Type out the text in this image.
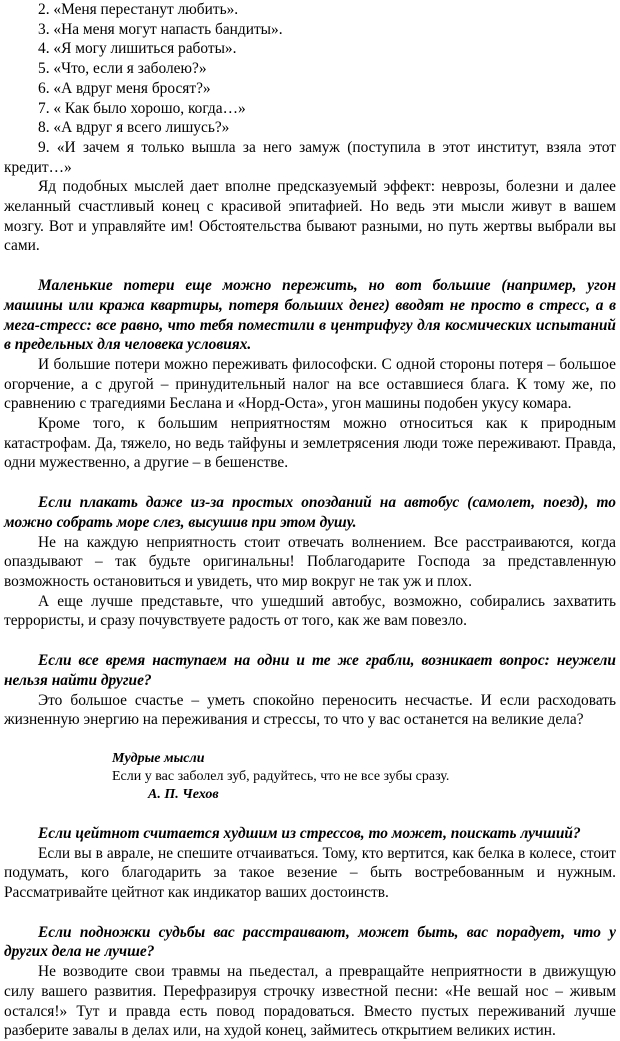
2. «Меня перестанут любить».

3. «На меня могут напасть бандиты».

4. «Я могу лишиться работы».

5. «Что, если я заболею?»

6. «А вдруг меня бросят?»

7. « Как было хорошо, когда…»

8. «А вдруг я всего лишусь?»

9. «И зачем я только вышла за него замуж (поступила в этот институт, взяла этот кредит…»

Яд подобных мыслей дает вполне предсказуемый эффект: неврозы, болезни и далее желанный счастливый конец с красивой эпитафией. Но ведь эти мысли живут в вашем мозгу. Вот и управляйте им! Обстоятельства бывают разными, но путь жертвы выбрали вы сами.

Маленькие потери еще можно пережить, но вот большие (например, угон машины или кража квартиры, потеря больших денег) вводят не просто в стресс, а в мега-стресс: все равно, что тебя поместили в центрифугу для космических испытаний в предельных для человека условиях.

И большие потери можно переживать философски. С одной стороны потеря – большое огорчение, а с другой – принудительный налог на все оставшиеся блага. К тому же, по сравнению с трагедиями Беслана и «Норд-Оста», угон машины подобен укусу комара.

Кроме того, к большим неприятностям можно относиться как к природным катастрофам. Да, тяжело, но ведь тайфуны и землетрясения люди тоже переживают. Правда, одни мужественно, а другие – в бешенстве.

Если плакать даже из-за простых опозданий на автобус (самолет, поезд), то можно собрать море слез, высушив при этом душу.

Не на каждую неприятность стоит отвечать волнением. Все расстраиваются, когда опаздывают – так будьте оригинальны! Поблагодарите Господа за представленную возможность остановиться и увидеть, что мир вокруг не так уж и плох.

А еще лучше представьте, что ушедший автобус, возможно, собирались захватить террористы, и сразу почувствуете радость от того, как же вам повезло.

Если все время наступаем на одни и те же грабли, возникает вопрос: неужели нельзя найти другие?

Это большое счастье – уметь спокойно переносить несчастье. И если расходовать жизненную энергию на переживания и стрессы, то что у вас останется на великие дела?

Мудрые мысли
Если у вас заболел зуб, радуйтесь, что не все зубы сразу.
А. П. Чехов

Если цейтнот считается худшим из стрессов, то может, поискать лучший?

Если вы в аврале, не спешите отчаиваться. Тому, кто вертится, как белка в колесе, стоит подумать, кого благодарить за такое везение – быть востребованным и нужным. Рассматривайте цейтнот как индикатор ваших достоинств.

Если подножки судьбы вас расстраивают, может быть, вас порадует, что у других дела не лучше?

Не возводите свои травмы на пьедестал, а превращайте неприятности в движущую силу вашего развития. Перефразируя строчку известной песни: «Не вешай нос – живым остался!» Тут и правда есть повод порадоваться. Вместо пустых переживаний лучше разберите завалы в делах или, на худой конец, займитесь открытием великих истин.
